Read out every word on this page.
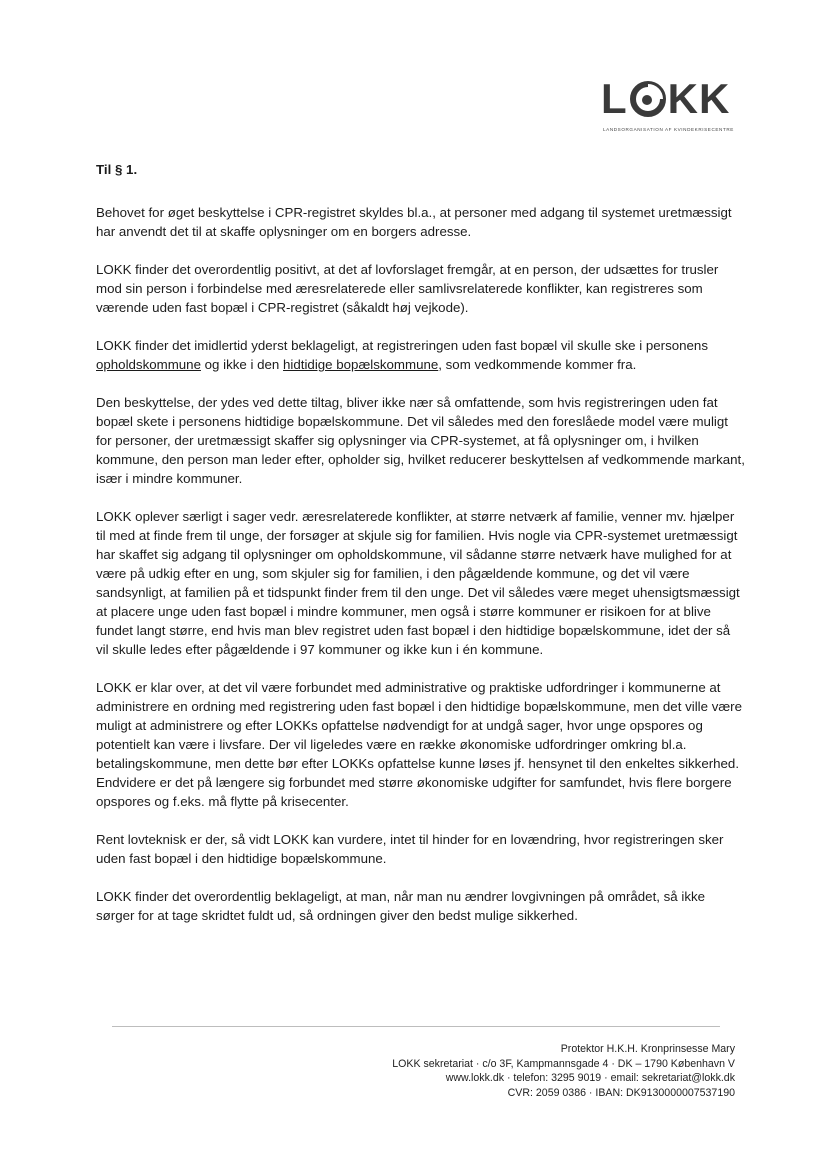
L KK
LANDSORGANISATION AF KVINDEKRISECENTRE
Til § 1.

Behovet for øget beskyttelse i CPR-registret skyldes bl.a., at personer med adgang til systemet uretmæssigt har anvendt det til at skaffe oplysninger om en borgers adresse.

LOKK finder det overordentlig positivt, at det af lovforslaget fremgår, at en person, der udsættes for trusler mod sin person i forbindelse med æresrelaterede eller samlivsrelaterede konflikter, kan registreres som værende uden fast bopæl i CPR-registret (såkaldt høj vejkode).

LOKK finder det imidlertid yderst beklageligt, at registreringen uden fast bopæl vil skulle ske i personens opholdskommune og ikke i den hidtidige bopælskommune, som vedkommende kommer fra.

Den beskyttelse, der ydes ved dette tiltag, bliver ikke nær så omfattende, som hvis registreringen uden fat bopæl skete i personens hidtidige bopælskommune. Det vil således med den foreslåede model være muligt for personer, der uretmæssigt skaffer sig oplysninger via CPR-systemet, at få oplysninger om, i hvilken kommune, den person man leder efter, opholder sig, hvilket reducerer beskyttelsen af vedkommende markant, især i mindre kommuner.

LOKK oplever særligt i sager vedr. æresrelaterede konflikter, at større netværk af familie, venner mv. hjælper til med at finde frem til unge, der forsøger at skjule sig for familien. Hvis nogle via CPR-systemet uretmæssigt har skaffet sig adgang til oplysninger om opholdskommune, vil sådanne større netværk have mulighed for at være på udkig efter en ung, som skjuler sig for familien, i den pågældende kommune, og det vil være sandsynligt, at familien på et tidspunkt finder frem til den unge. Det vil således være meget uhensigtsmæssigt at placere unge uden fast bopæl i mindre kommuner, men også i større kommuner er risikoen for at blive fundet langt større, end hvis man blev registret uden fast bopæl i den hidtidige bopælskommune, idet der så vil skulle ledes efter pågældende i 97 kommuner og ikke kun i én kommune.

LOKK er klar over, at det vil være forbundet med administrative og praktiske udfordringer i kommunerne at administrere en ordning med registrering uden fast bopæl i den hidtidige bopælskommune, men det ville være muligt at administrere og efter LOKKs opfattelse nødvendigt for at undgå sager, hvor unge opspores og potentielt kan være i livsfare. Der vil ligeledes være en række økonomiske udfordringer omkring bl.a. betalingskommune, men dette bør efter LOKKs opfattelse kunne løses jf. hensynet til den enkeltes sikkerhed. Endvidere er det på længere sig forbundet med større økonomiske udgifter for samfundet, hvis flere borgere opspores og f.eks. må flytte på krisecenter.

Rent lovteknisk er der, så vidt LOKK kan vurdere, intet til hinder for en lovændring, hvor registreringen sker uden fast bopæl i den hidtidige bopælskommune.

LOKK finder det overordentlig beklageligt, at man, når man nu ændrer lovgivningen på området, så ikke sørger for at tage skridtet fuldt ud, så ordningen giver den bedst mulige sikkerhed.

Protektor H.K.H. Kronprinsesse Mary
LOKK sekretariat · c/o 3F, Kampmannsgade 4 · DK – 1790 København V
www.lokk.dk · telefon: 3295 9019 · email: sekretariat@lokk.dk
CVR: 2059 0386 · IBAN: DK9130000007537190
